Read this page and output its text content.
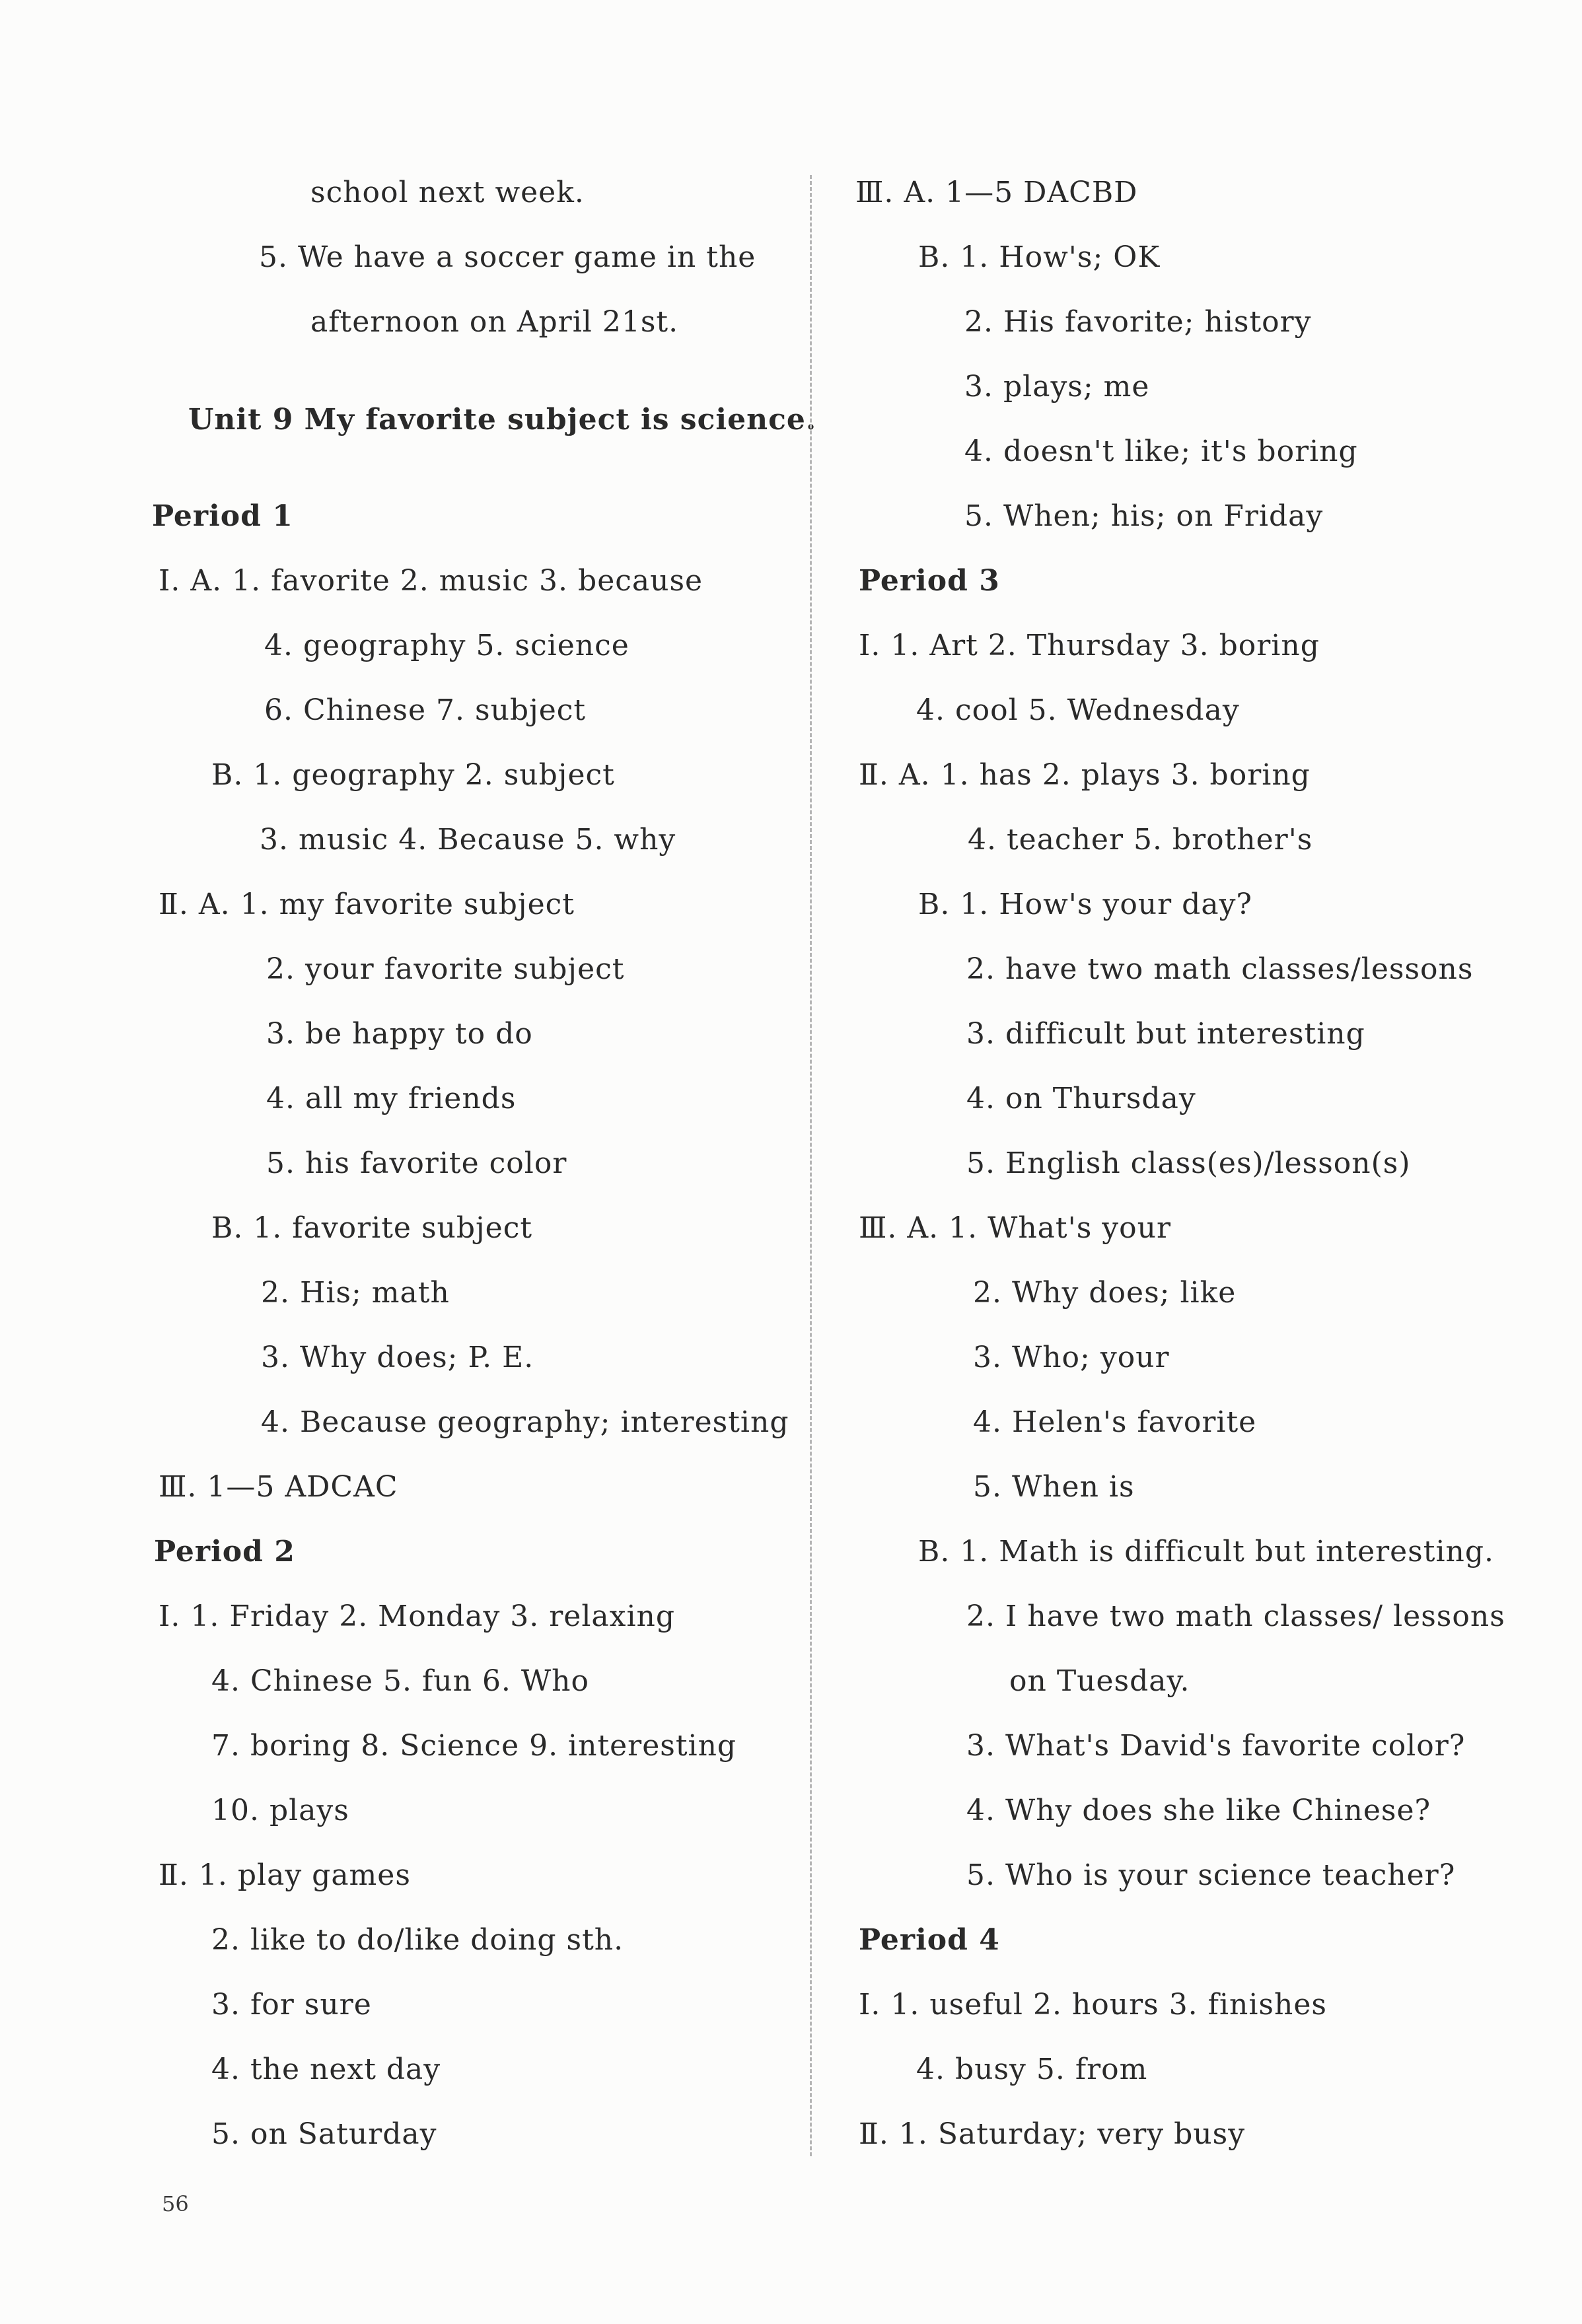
school next week.
5. We have a soccer game in the
afternoon on April 21st.
Unit 9 My favorite subject is science.
Period 1
Ⅰ. A. 1. favorite 2. music 3. because
4. geography 5. science
6. Chinese 7. subject
B. 1. geography 2. subject
3. music 4. Because 5. why
Ⅱ. A. 1. my favorite subject
2. your favorite subject
3. be happy to do
4. all my friends
5. his favorite color
B. 1. favorite subject
2. His; math
3. Why does; P. E.
4. Because geography; interesting
Ⅲ. 1—5 ADCAC
Period 2
Ⅰ. 1. Friday 2. Monday 3. relaxing
4. Chinese 5. fun 6. Who
7. boring 8. Science 9. interesting
10. plays
Ⅱ. 1. play games
2. like to do/like doing sth.
3. for sure
4. the next day
5. on Saturday
Ⅲ. A. 1—5 DACBD
B. 1. How's; OK
2. His favorite; history
3. plays; me
4. doesn't like; it's boring
5. When; his; on Friday
Period 3
Ⅰ. 1. Art 2. Thursday 3. boring
4. cool 5. Wednesday
Ⅱ. A. 1. has 2. plays 3. boring
4. teacher 5. brother's
B. 1. How's your day?
2. have two math classes/lessons
3. difficult but interesting
4. on Thursday
5. English class(es)/lesson(s)
Ⅲ. A. 1. What's your
2. Why does; like
3. Who; your
4. Helen's favorite
5. When is
B. 1. Math is difficult but interesting.
2. I have two math classes/ lessons
on Tuesday.
3. What's David's favorite color?
4. Why does she like Chinese?
5. Who is your science teacher?
Period 4
Ⅰ. 1. useful 2. hours 3. finishes
4. busy 5. from
Ⅱ. 1. Saturday; very busy
56
